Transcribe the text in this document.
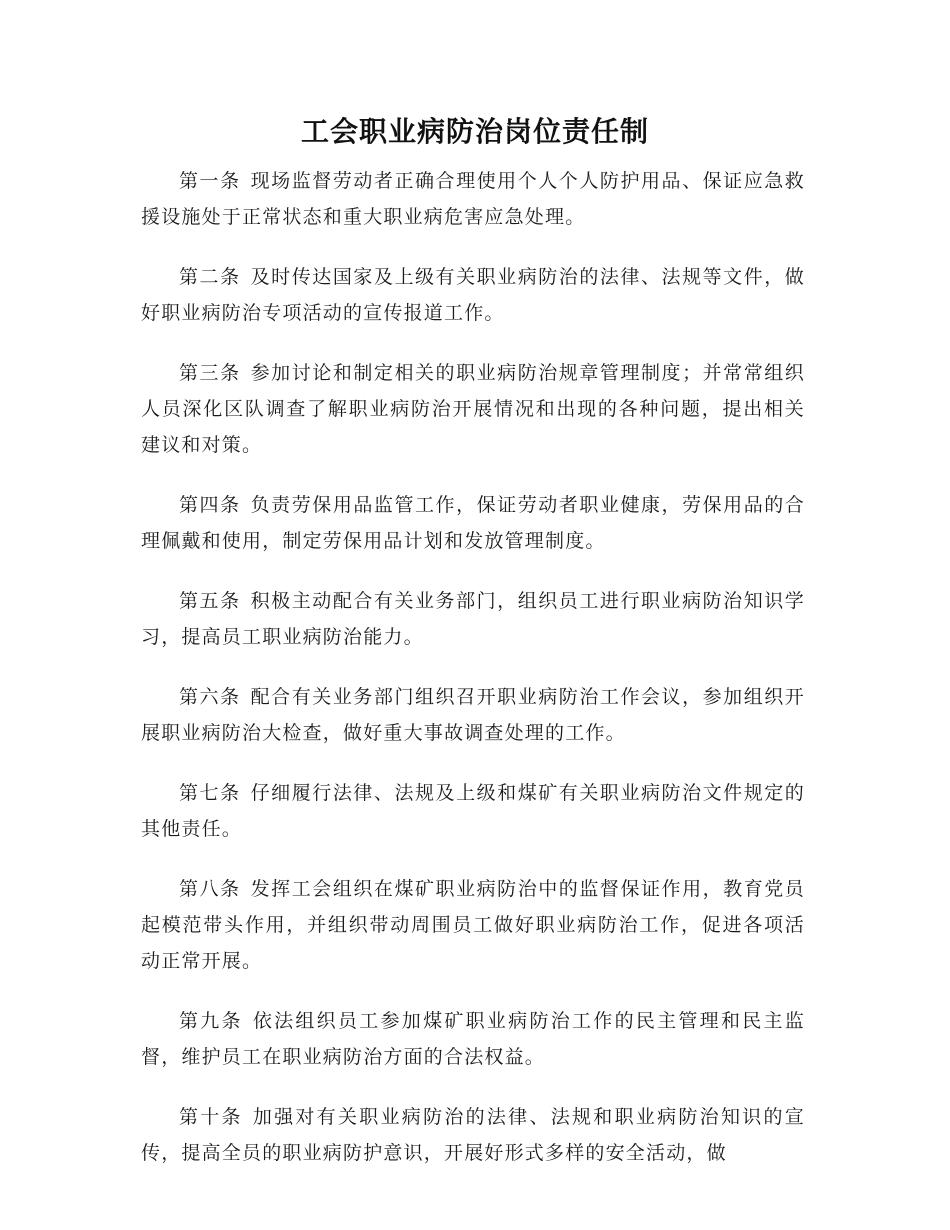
工会职业病防治岗位责任制

第一条 现场监督劳动者正确合理使用个人个人防护用品、保证应急救援设施处于正常状态和重大职业病危害应急处理。

第二条 及时传达国家及上级有关职业病防治的法律、法规等文件，做好职业病防治专项活动的宣传报道工作。

第三条 参加讨论和制定相关的职业病防治规章管理制度；并常常组织人员深化区队调查了解职业病防治开展情况和出现的各种问题，提出相关建议和对策。

第四条 负责劳保用品监管工作，保证劳动者职业健康，劳保用品的合理佩戴和使用，制定劳保用品计划和发放管理制度。

第五条 积极主动配合有关业务部门，组织员工进行职业病防治知识学习，提高员工职业病防治能力。

第六条 配合有关业务部门组织召开职业病防治工作会议，参加组织开展职业病防治大检查，做好重大事故调查处理的工作。

第七条 仔细履行法律、法规及上级和煤矿有关职业病防治文件规定的其他责任。

第八条 发挥工会组织在煤矿职业病防治中的监督保证作用，教育党员起模范带头作用，并组织带动周围员工做好职业病防治工作，促进各项活动正常开展。

第九条 依法组织员工参加煤矿职业病防治工作的民主管理和民主监督，维护员工在职业病防治方面的合法权益。

第十条 加强对有关职业病防治的法律、法规和职业病防治知识的宣传，提高全员的职业病防护意识，开展好形式多样的安全活动，做
